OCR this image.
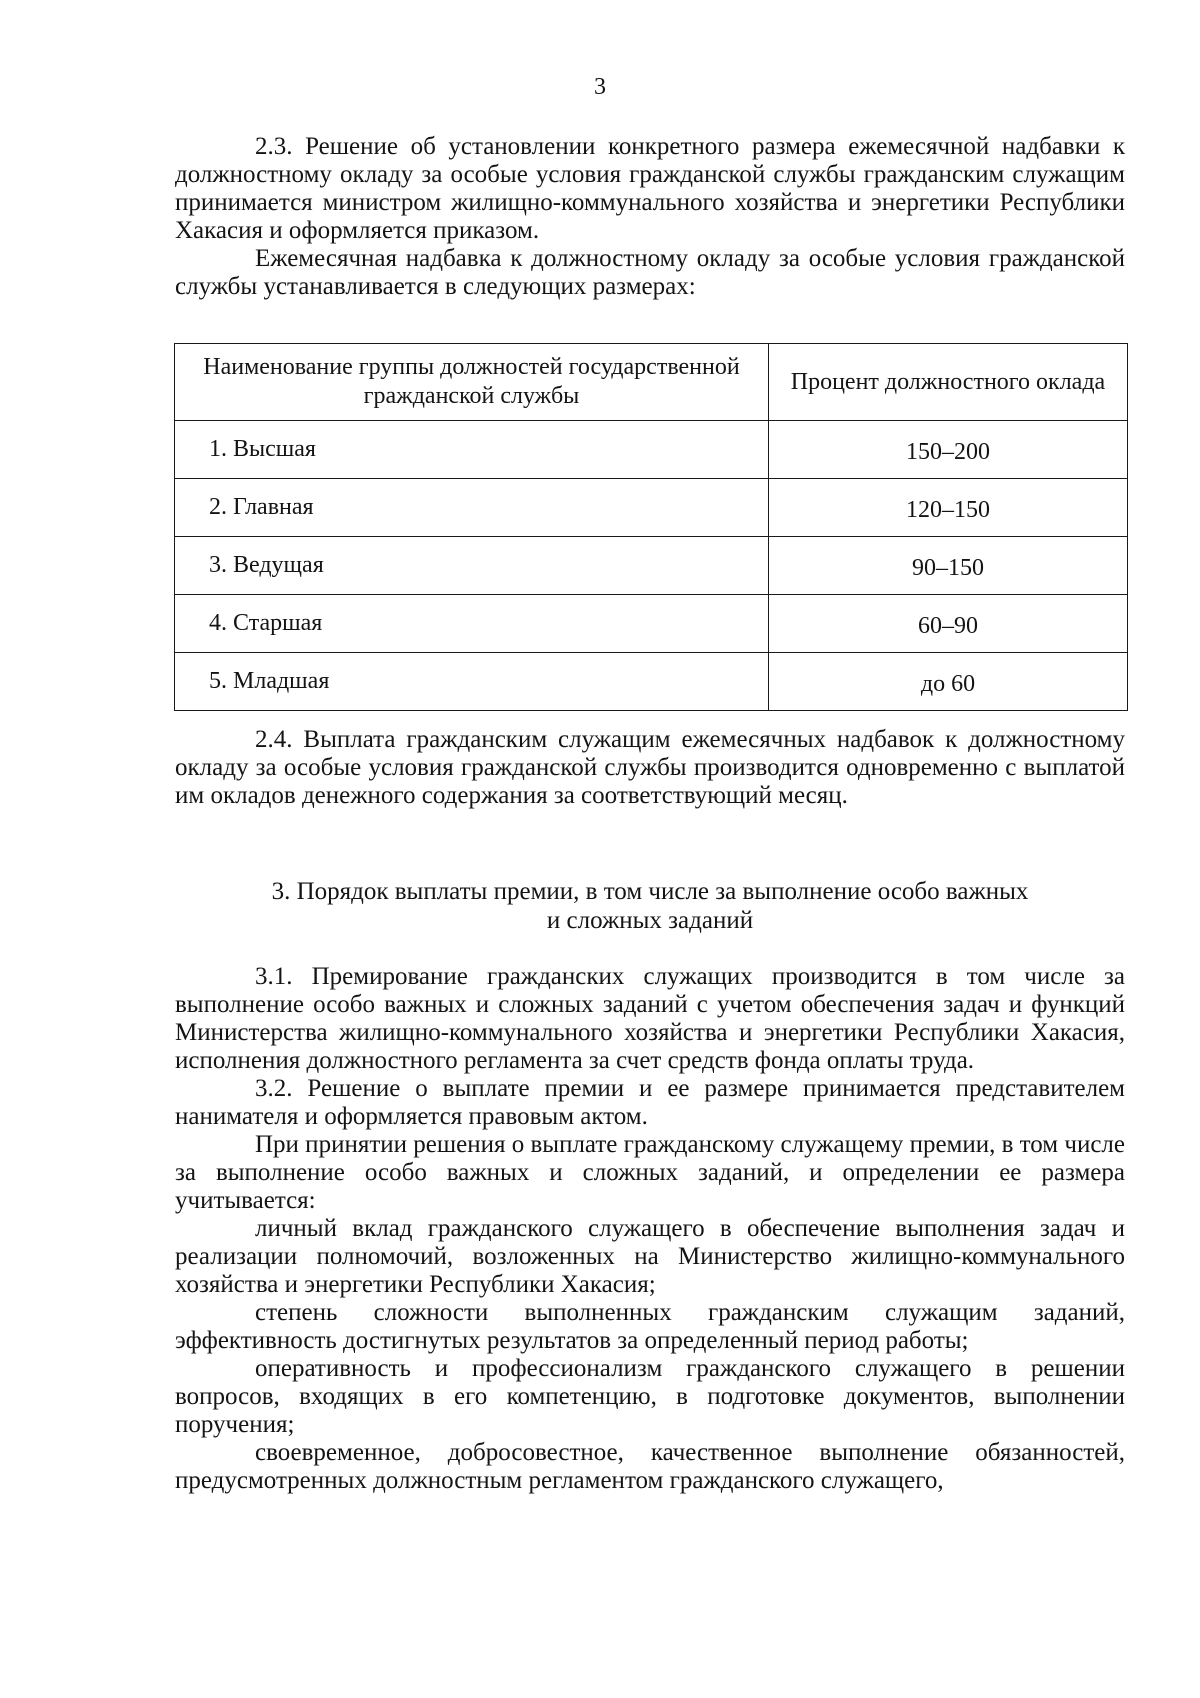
3

2.3. Решение об установлении конкретного размера ежемесячной надбавки к должностному окладу за особые условия гражданской службы гражданским служащим принимается министром жилищно-коммунального хозяйства и энергетики Республики Хакасия и оформляется приказом.

Ежемесячная надбавка к должностному окладу за особые условия гражданской службы устанавливается в следующих размерах:

Наименование группы должностей государственной гражданской службы	Процент должностного оклада
1. Высшая	150–200
2. Главная	120–150
3. Ведущая	90–150
4. Старшая	60–90
5. Младшая	до 60

2.4. Выплата гражданским служащим ежемесячных надбавок к должностному окладу за особые условия гражданской службы производится одновременно с выплатой им окладов денежного содержания за соответствующий месяц.

3. Порядок выплаты премии, в том числе за выполнение особо важных
и сложных заданий

3.1. Премирование гражданских служащих производится в том числе за выполнение особо важных и сложных заданий с учетом обеспечения задач и функций Министерства жилищно-коммунального хозяйства и энергетики Республики Хакасия, исполнения должностного регламента за счет средств фонда оплаты труда.

3.2. Решение о выплате премии и ее размере принимается представителем нанимателя и оформляется правовым актом.

При принятии решения о выплате гражданскому служащему премии, в том числе за выполнение особо важных и сложных заданий, и определении ее размера учитывается:

личный вклад гражданского служащего в обеспечение выполнения задач и реализации полномочий, возложенных на Министерство жилищно-коммунального хозяйства и энергетики Республики Хакасия;

степень сложности выполненных гражданским служащим заданий, эффективность достигнутых результатов за определенный период работы;

оперативность и профессионализм гражданского служащего в решении вопросов, входящих в его компетенцию, в подготовке документов, выполнении поручения;

своевременное, добросовестное, качественное выполнение обязанностей, предусмотренных должностным регламентом гражданского служащего,
